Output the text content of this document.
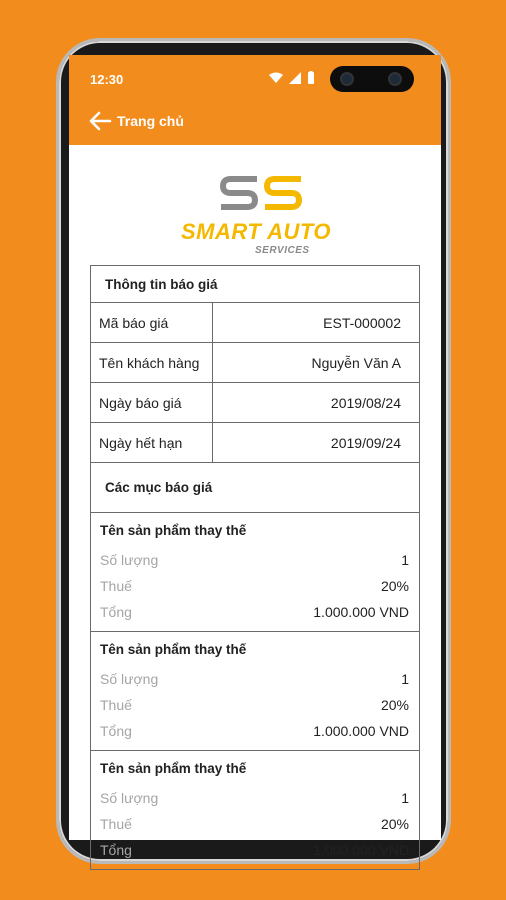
12:30
Trang chủ
SMART AUTO
SERVICES
Thông tin báo giá
Mã báo giá	EST-000002
Tên khách hàng	Nguyễn Văn A
Ngày báo giá	2019/08/24
Ngày hết hạn	2019/09/24
Các mục báo giá
Tên sản phẩm thay thế
Số lượng	1
Thuế	20%
Tổng	1.000.000 VND
Tên sản phẩm thay thế
Số lượng	1
Thuế	20%
Tổng	1.000.000 VND
Tên sản phẩm thay thế
Số lượng	1
Thuế	20%
Tổng	1.000.000 VND
